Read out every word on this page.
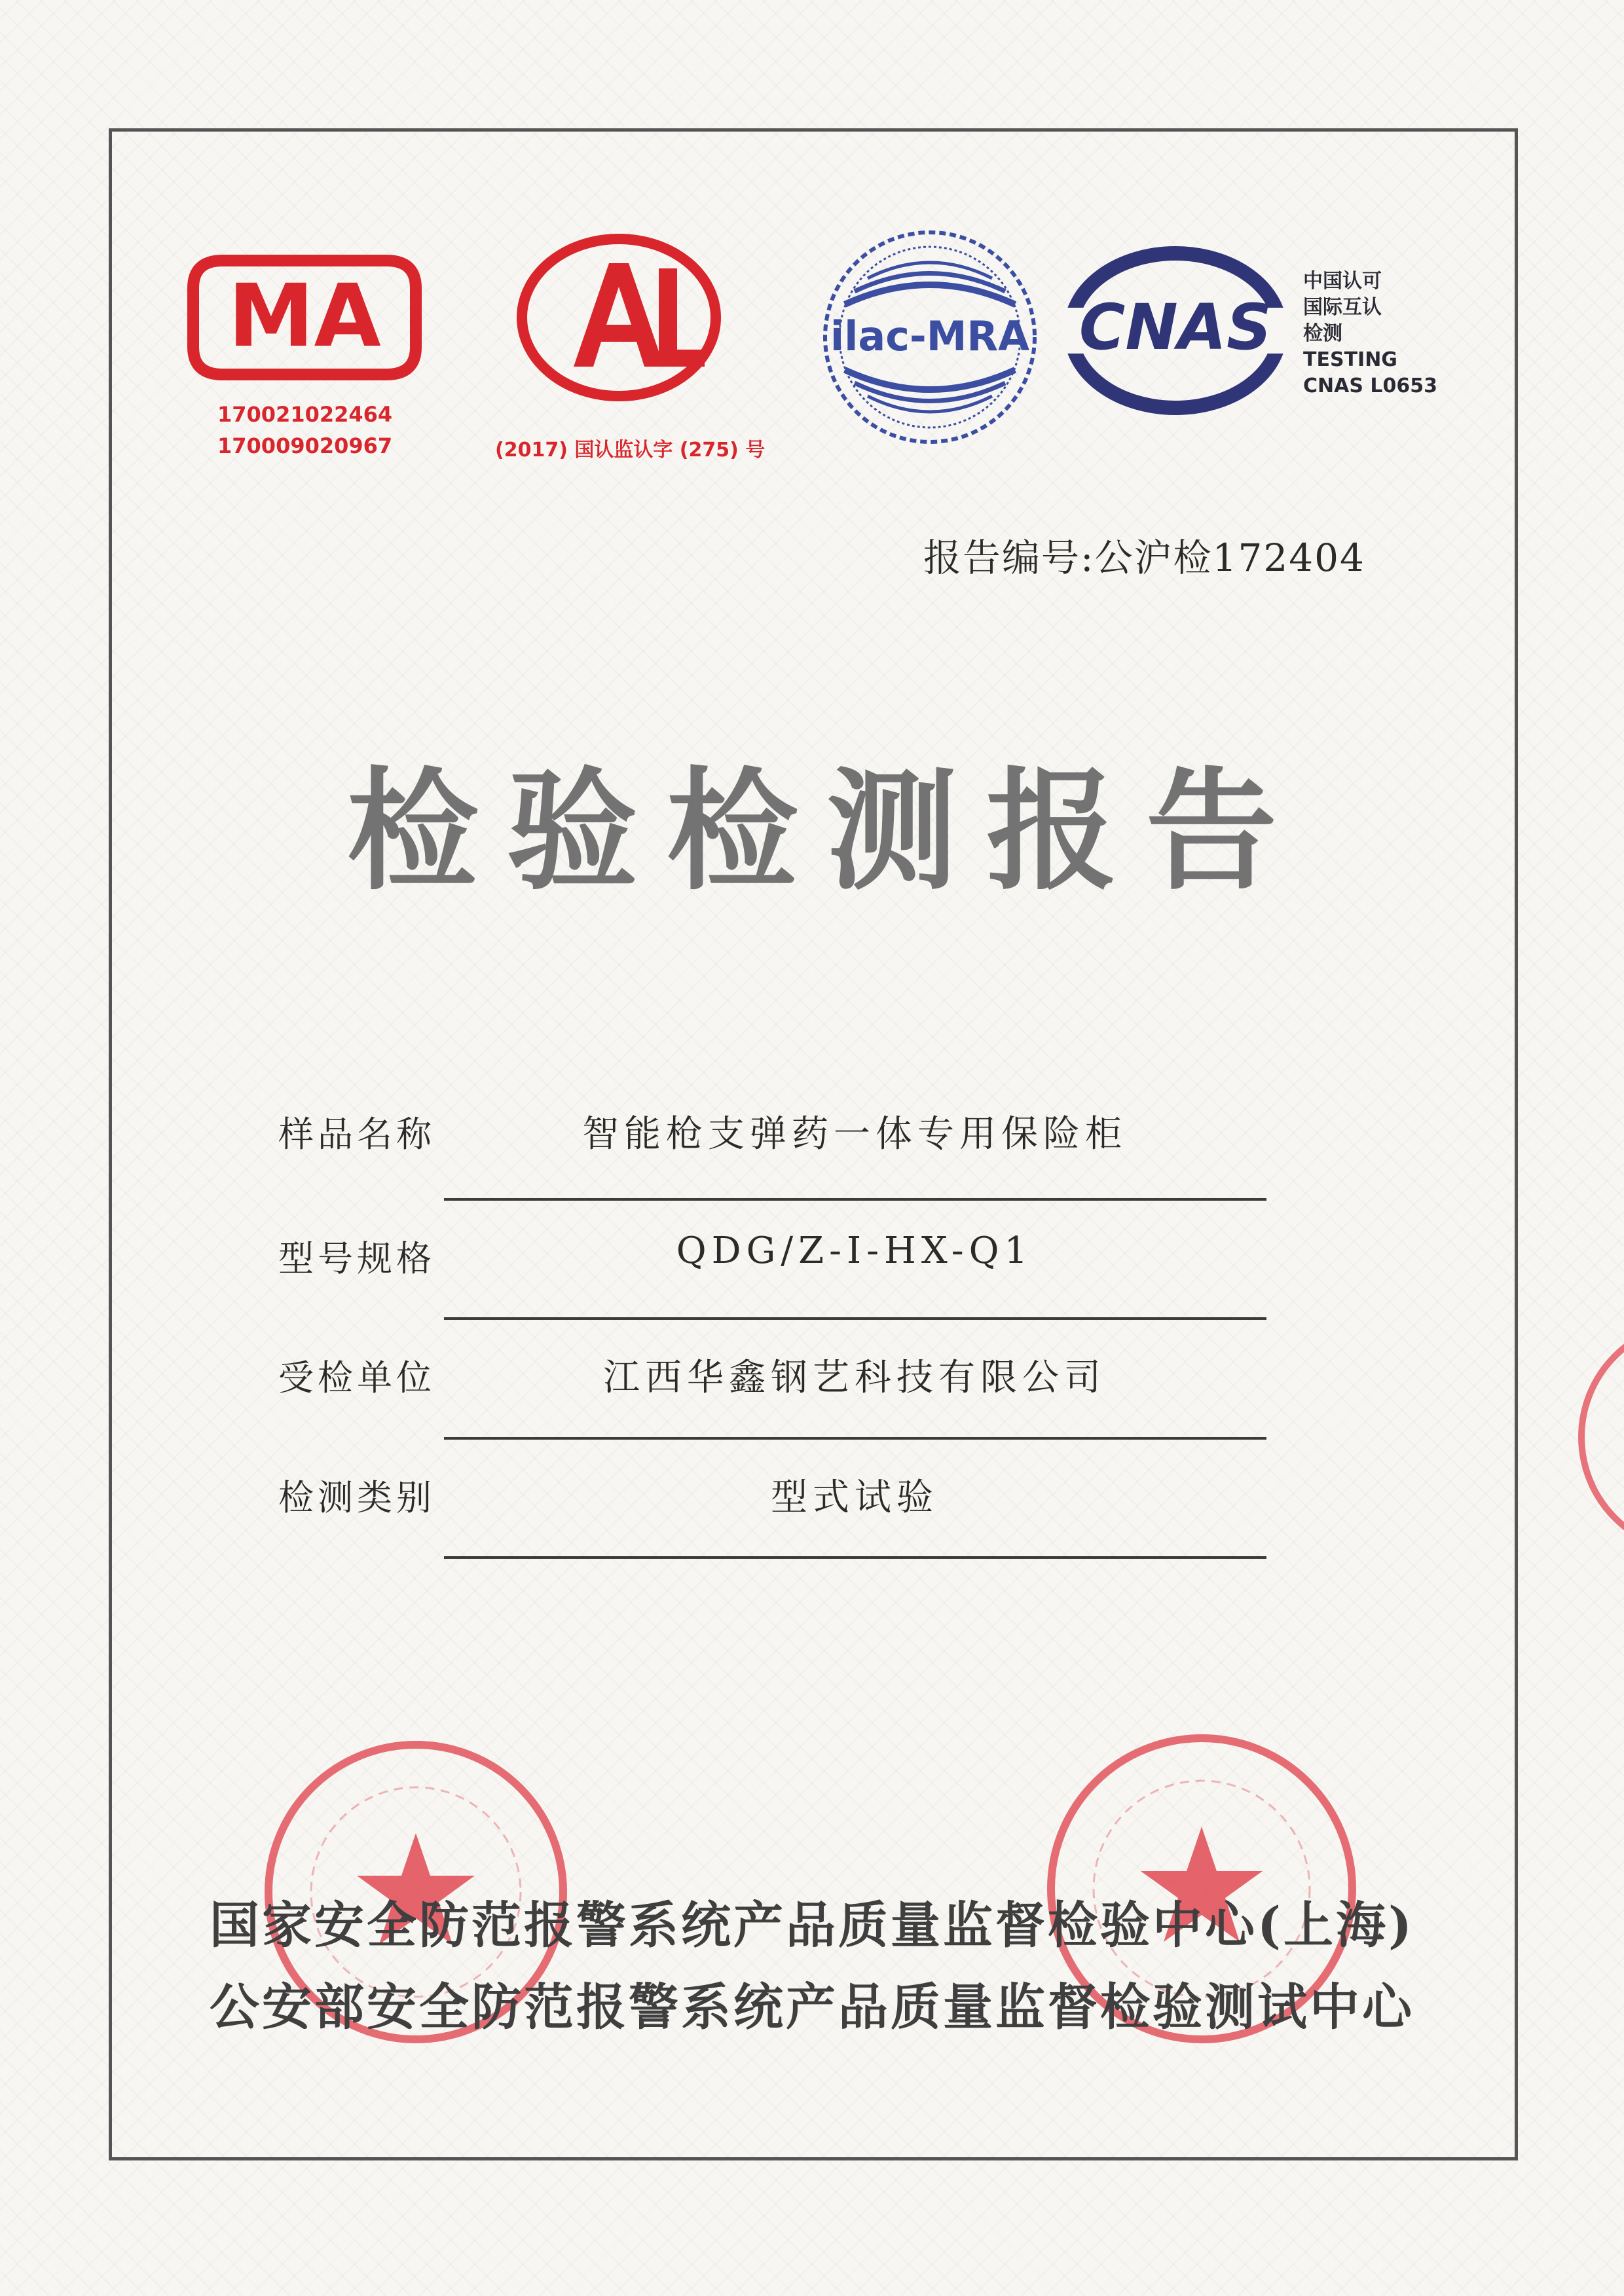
MA
170021022464
170009020967
AL
(2017) 国认监认字 (275) 号
ilac-MRA CNAS
中国认可
国际互认
检测
TESTING
CNAS L0653
报告编号:公沪检172404
检验检测报告
样品名称	智能枪支弹药一体专用保险柜
型号规格	QDG/Z-Ⅰ-HX-Q1
受检单位	江西华鑫钢艺科技有限公司
检测类别	型式试验
国家安全防范报警系统产品质量监督检验中心(上海)
公安部安全防范报警系统产品质量监督检验测试中心
